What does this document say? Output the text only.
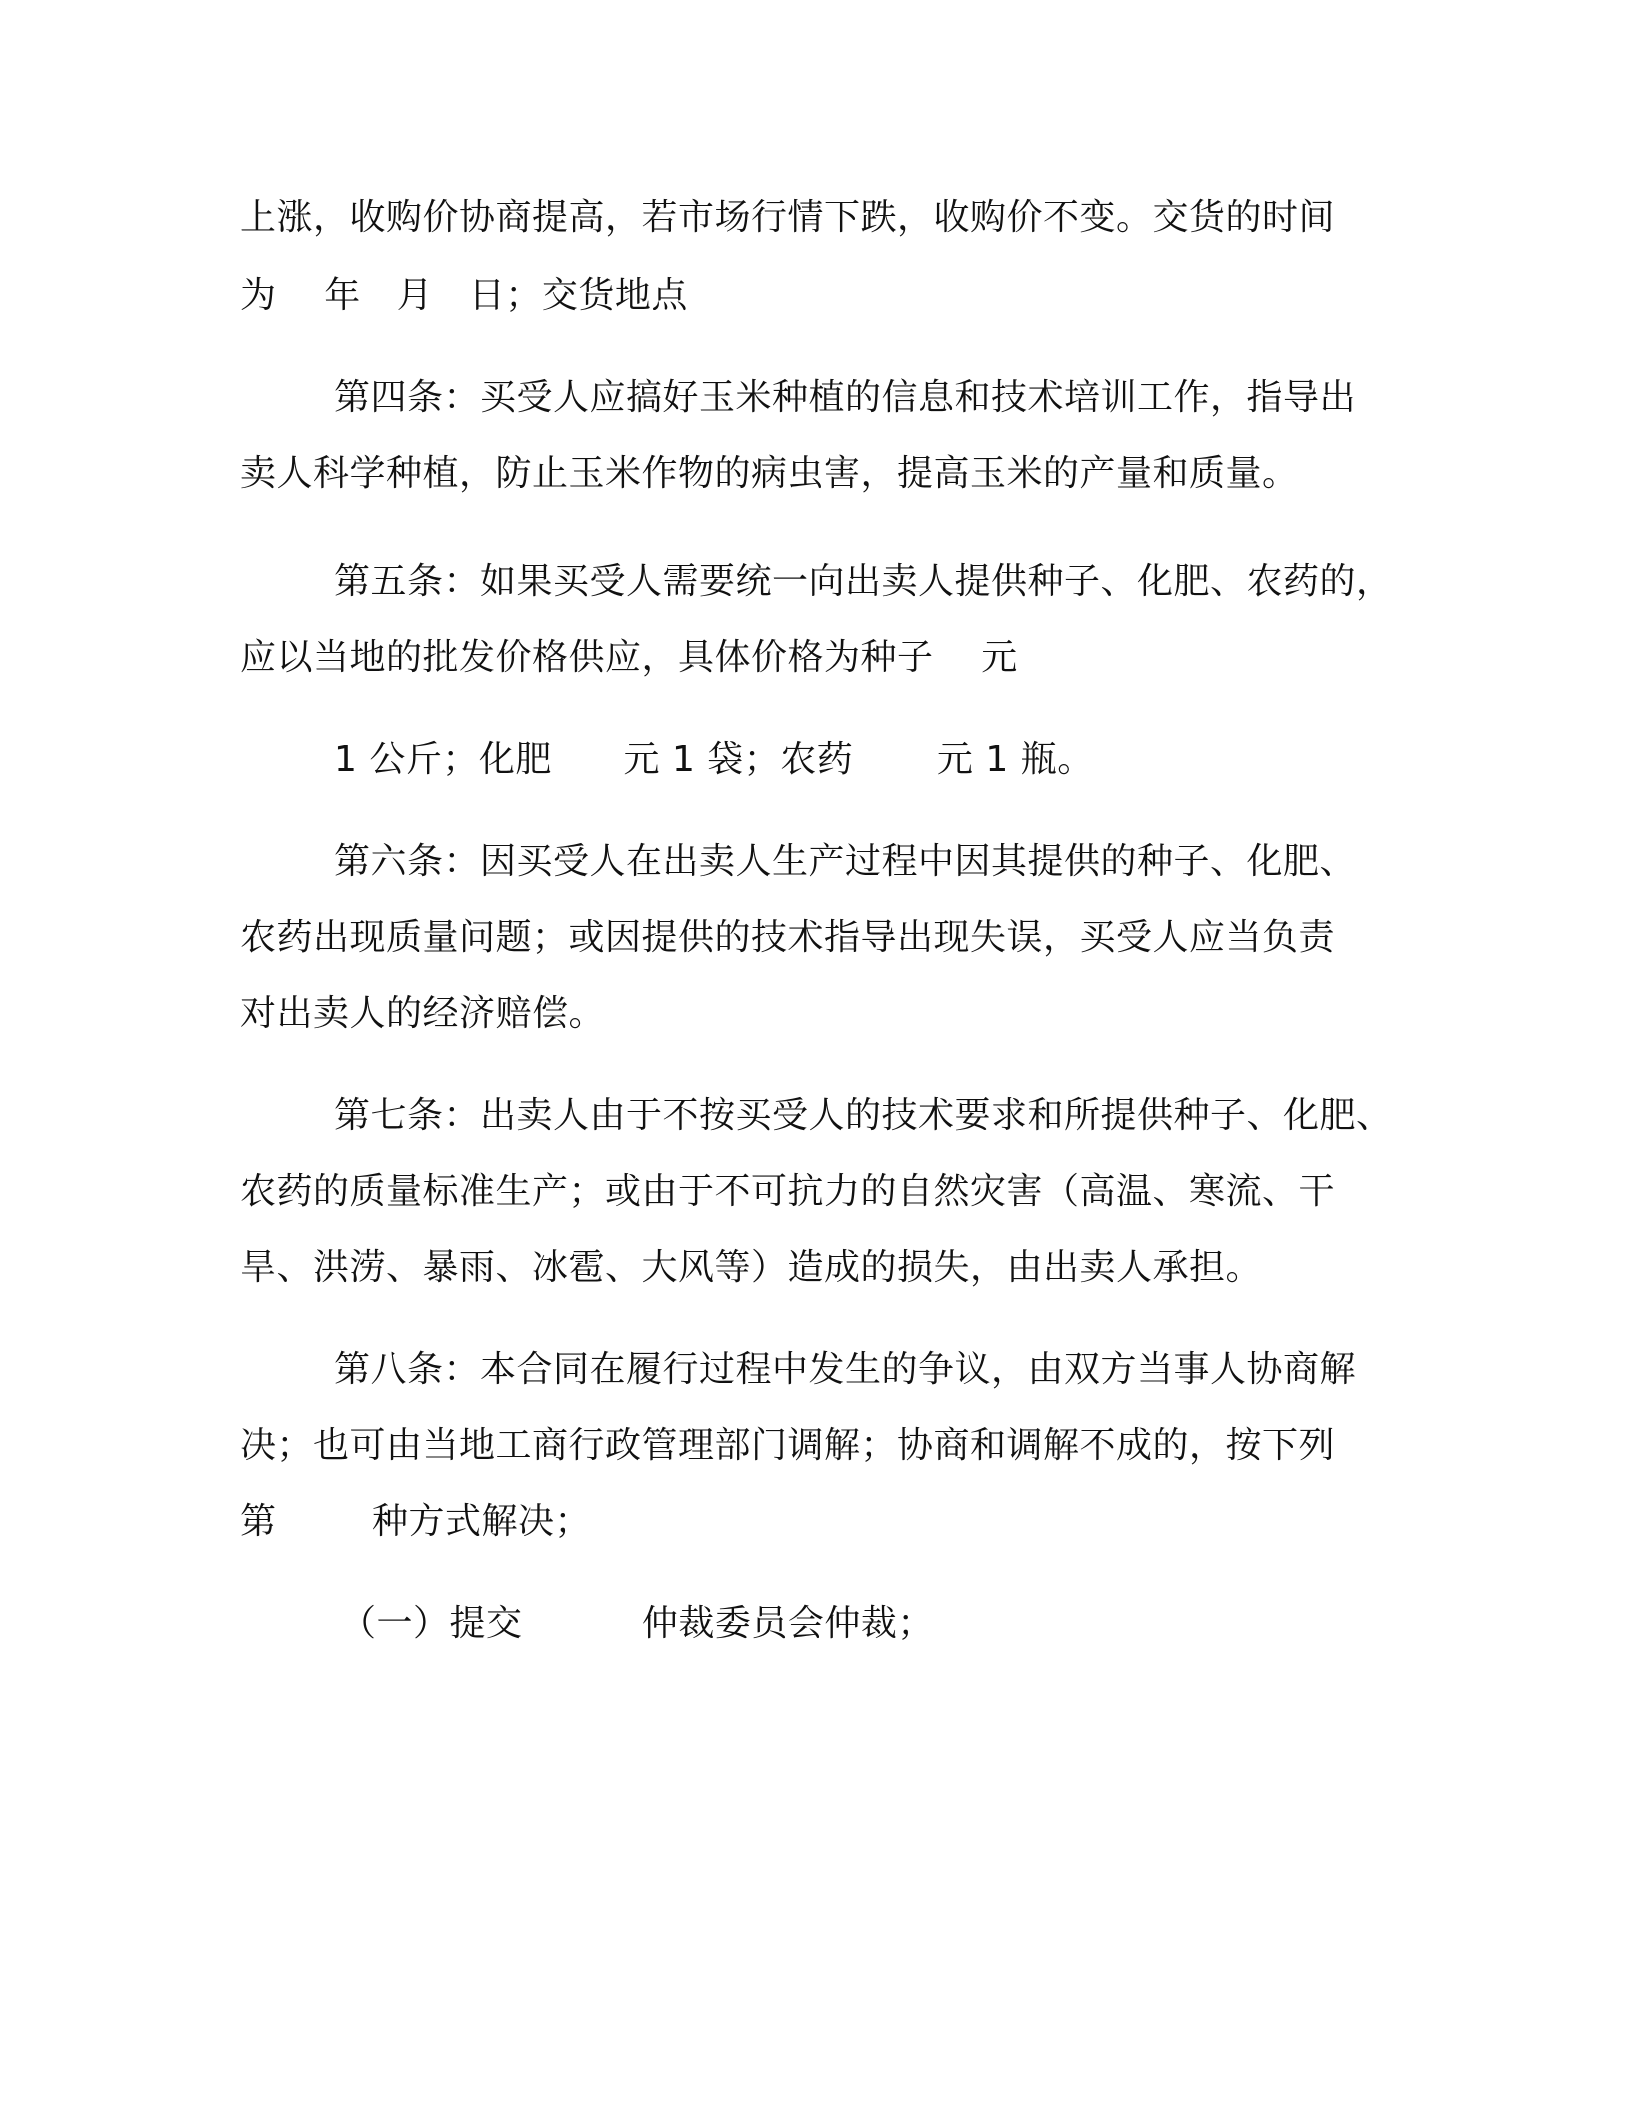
上涨，收购价协商提高，若市场行情下跌，收购价不变。交货的时间
为    年   月   日；交货地点
第四条：买受人应搞好玉米种植的信息和技术培训工作，指导出
卖人科学种植，防止玉米作物的病虫害，提高玉米的产量和质量。
第五条：如果买受人需要统一向出卖人提供种子、化肥、农药的，
应以当地的批发价格供应，具体价格为种子    元
1 公斤；化肥      元 1 袋；农药       元 1 瓶。
第六条：因买受人在出卖人生产过程中因其提供的种子、化肥、
农药出现质量问题；或因提供的技术指导出现失误，买受人应当负责
对出卖人的经济赔偿。
第七条：出卖人由于不按买受人的技术要求和所提供种子、化肥、
农药的质量标准生产；或由于不可抗力的自然灾害（高温、寒流、干
旱、洪涝、暴雨、冰雹、大风等）造成的损失，由出卖人承担。
第八条：本合同在履行过程中发生的争议，由双方当事人协商解
决；也可由当地工商行政管理部门调解；协商和调解不成的，按下列
第        种方式解决；
（一）提交          仲裁委员会仲裁；
